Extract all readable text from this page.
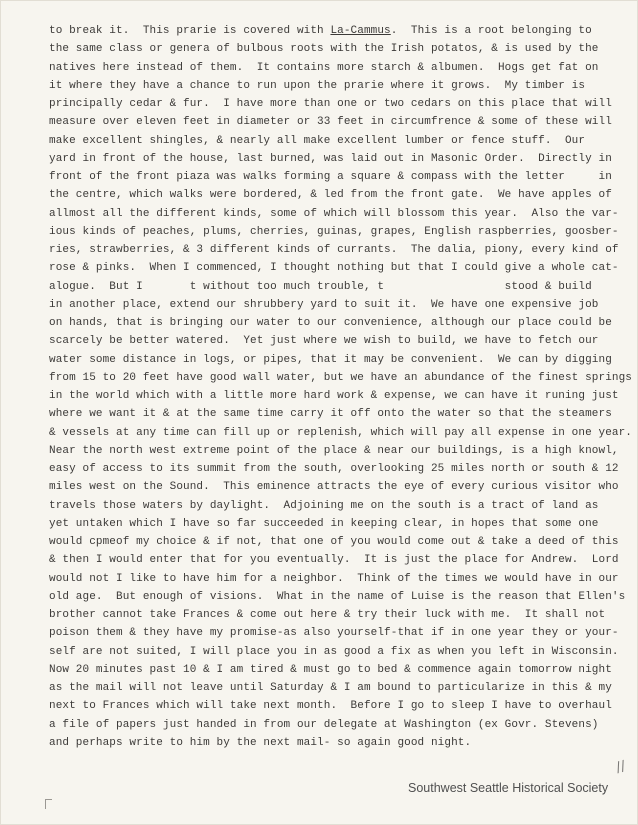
to break it.  This prarie is covered with La-Cammus.  This is a root belonging to
the same class or genera of bulbous roots with the Irish potatos, & is used by the
natives here instead of them.  It contains more starch & albumen.  Hogs get fat on
it where they have a chance to run upon the prarie where it grows.  My timber is
principally cedar & fur.  I have more than one or two cedars on this place that will
measure over eleven feet in diameter or 33 feet in circumfrence & some of these will
make excellent shingles, & nearly all make excellent lumber or fence stuff.  Our
yard in front of the house, last burned, was laid out in Masonic Order.  Directly in
front of the front piaza was walks forming a square & compass with the letter     in
the centre, which walks were bordered, & led from the front gate.  We have apples of
allmost all the different kinds, some of which will blossom this year.  Also the var-
ious kinds of peaches, plums, cherries, guinas, grapes, English raspberries, goosber-
ries, strawberries, & 3 different kinds of currants.  The dalia, piony, every kind of
rose & pinks.  When I commenced, I thought nothing but that I could give a whole cat-
alogue.  But I       t without too much trouble, t                  stood & build
in another place, extend our shrubbery yard to suit it.  We have one expensive job
on hands, that is bringing our water to our convenience, although our place could be
scarcely be better watered.  Yet just where we wish to build, we have to fetch our
water some distance in logs, or pipes, that it may be convenient.  We can by digging
from 15 to 20 feet have good wall water, but we have an abundance of the finest springs
in the world which with a little more hard work & expense, we can have it runing just
where we want it & at the same time carry it off onto the water so that the steamers
& vessels at any time can fill up or replenish, which will pay all expense in one year.
Near the north west extreme point of the place & near our buildings, is a high knowl,
easy of access to its summit from the south, overlooking 25 miles north or south & 12
miles west on the Sound.  This eminence attracts the eye of every curious visitor who
travels those waters by daylight.  Adjoining me on the south is a tract of land as
yet untaken which I have so far succeeded in keeping clear, in hopes that some one
would cpmeof my choice & if not, that one of you would come out & take a deed of this
& then I would enter that for you eventually.  It is just the place for Andrew.  Lord
would not I like to have him for a neighbor.  Think of the times we would have in our
old age.  But enough of visions.  What in the name of Luise is the reason that Ellen's
brother cannot take Frances & come out here & try their luck with me.  It shall not
poison them & they have my promise-as also yourself-that if in one year they or your-
self are not suited, I will place you in as good a fix as when you left in Wisconsin.
Now 20 minutes past 10 & I am tired & must go to bed & commence again tomorrow night
as the mail will not leave until Saturday & I am bound to particularize in this & my
next to Frances which will take next month.  Before I go to sleep I have to overhaul
a file of papers just handed in from our delegate at Washington (ex Govr. Stevens)
and perhaps write to him by the next mail- so again good night.
//
Southwest Seattle Historical Society
